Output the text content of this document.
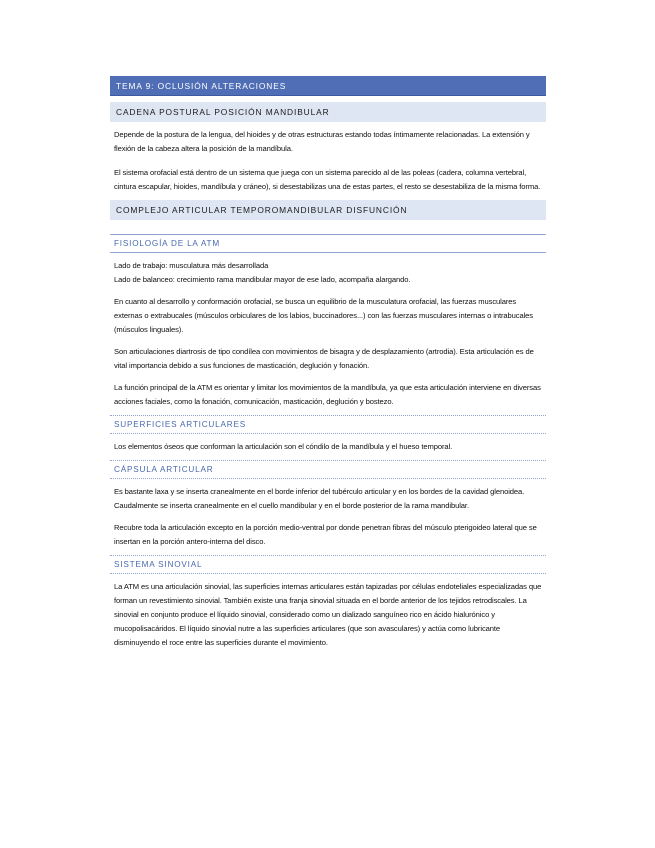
TEMA 9: OCLUSIÓN ALTERACIONES
CADENA POSTURAL POSICIÓN MANDIBULAR

Depende de la postura de la lengua, del hioides y de otras estructuras estando todas íntimamente relacionadas. La extensión y flexión de la cabeza altera la posición de la mandíbula.

El sistema orofacial está dentro de un sistema que juega con un sistema parecido al de las poleas (cadera, columna vertebral, cintura escapular, hioides, mandíbula y cráneo), si desestabilizas una de estas partes, el resto se desestabiliza de la misma forma.

COMPLEJO ARTICULAR TEMPOROMANDIBULAR DISFUNCIÓN
FISIOLOGÍA DE LA ATM

Lado de trabajo: musculatura más desarrollada

Lado de balanceo: crecimiento rama mandibular mayor de ese lado, acompaña alargando.

En cuanto al desarrollo y conformación orofacial, se busca un equilibrio de la musculatura orofacial, las fuerzas musculares externas o extrabucales (músculos orbiculares de los labios, buccinadores...) con las fuerzas musculares internas o intrabucales (músculos linguales).

Son articulaciones diartrosis de tipo condílea con movimientos de bisagra y de desplazamiento (artrodia). Esta articulación es de vital importancia debido a sus funciones de masticación, deglución y fonación.

La función principal de la ATM es orientar y limitar los movimientos de la mandíbula, ya que esta articulación interviene en diversas acciones faciales, como la fonación, comunicación, masticación, deglución y bostezo.

SUPERFICIES ARTICULARES

Los elementos óseos que conforman la articulación son el cóndilo de la mandíbula y el hueso temporal.

CÁPSULA ARTICULAR

Es bastante laxa y se inserta cranealmente en el borde inferior del tubérculo articular y en los bordes de la cavidad glenoidea. Caudalmente se inserta cranealmente en el cuello mandibular y en el borde posterior de la rama mandibular.

Recubre toda la articulación excepto en la porción medio-ventral por donde penetran fibras del músculo pterigoideo lateral que se insertan en la porción antero-interna del disco.

SISTEMA SINOVIAL

La ATM es una articulación sinovial, las superficies internas articulares están tapizadas por células endoteliales especializadas que forman un revestimiento sinovial. También existe una franja sinovial situada en el borde anterior de los tejidos retrodiscales. La sinovial en conjunto produce el líquido sinovial, considerado como un dializado sanguíneo rico en ácido hialurónico y mucopolisacáridos. El líquido sinovial nutre a las superficies articulares (que son avasculares) y actúa como lubricante disminuyendo el roce entre las superficies durante el movimiento.
